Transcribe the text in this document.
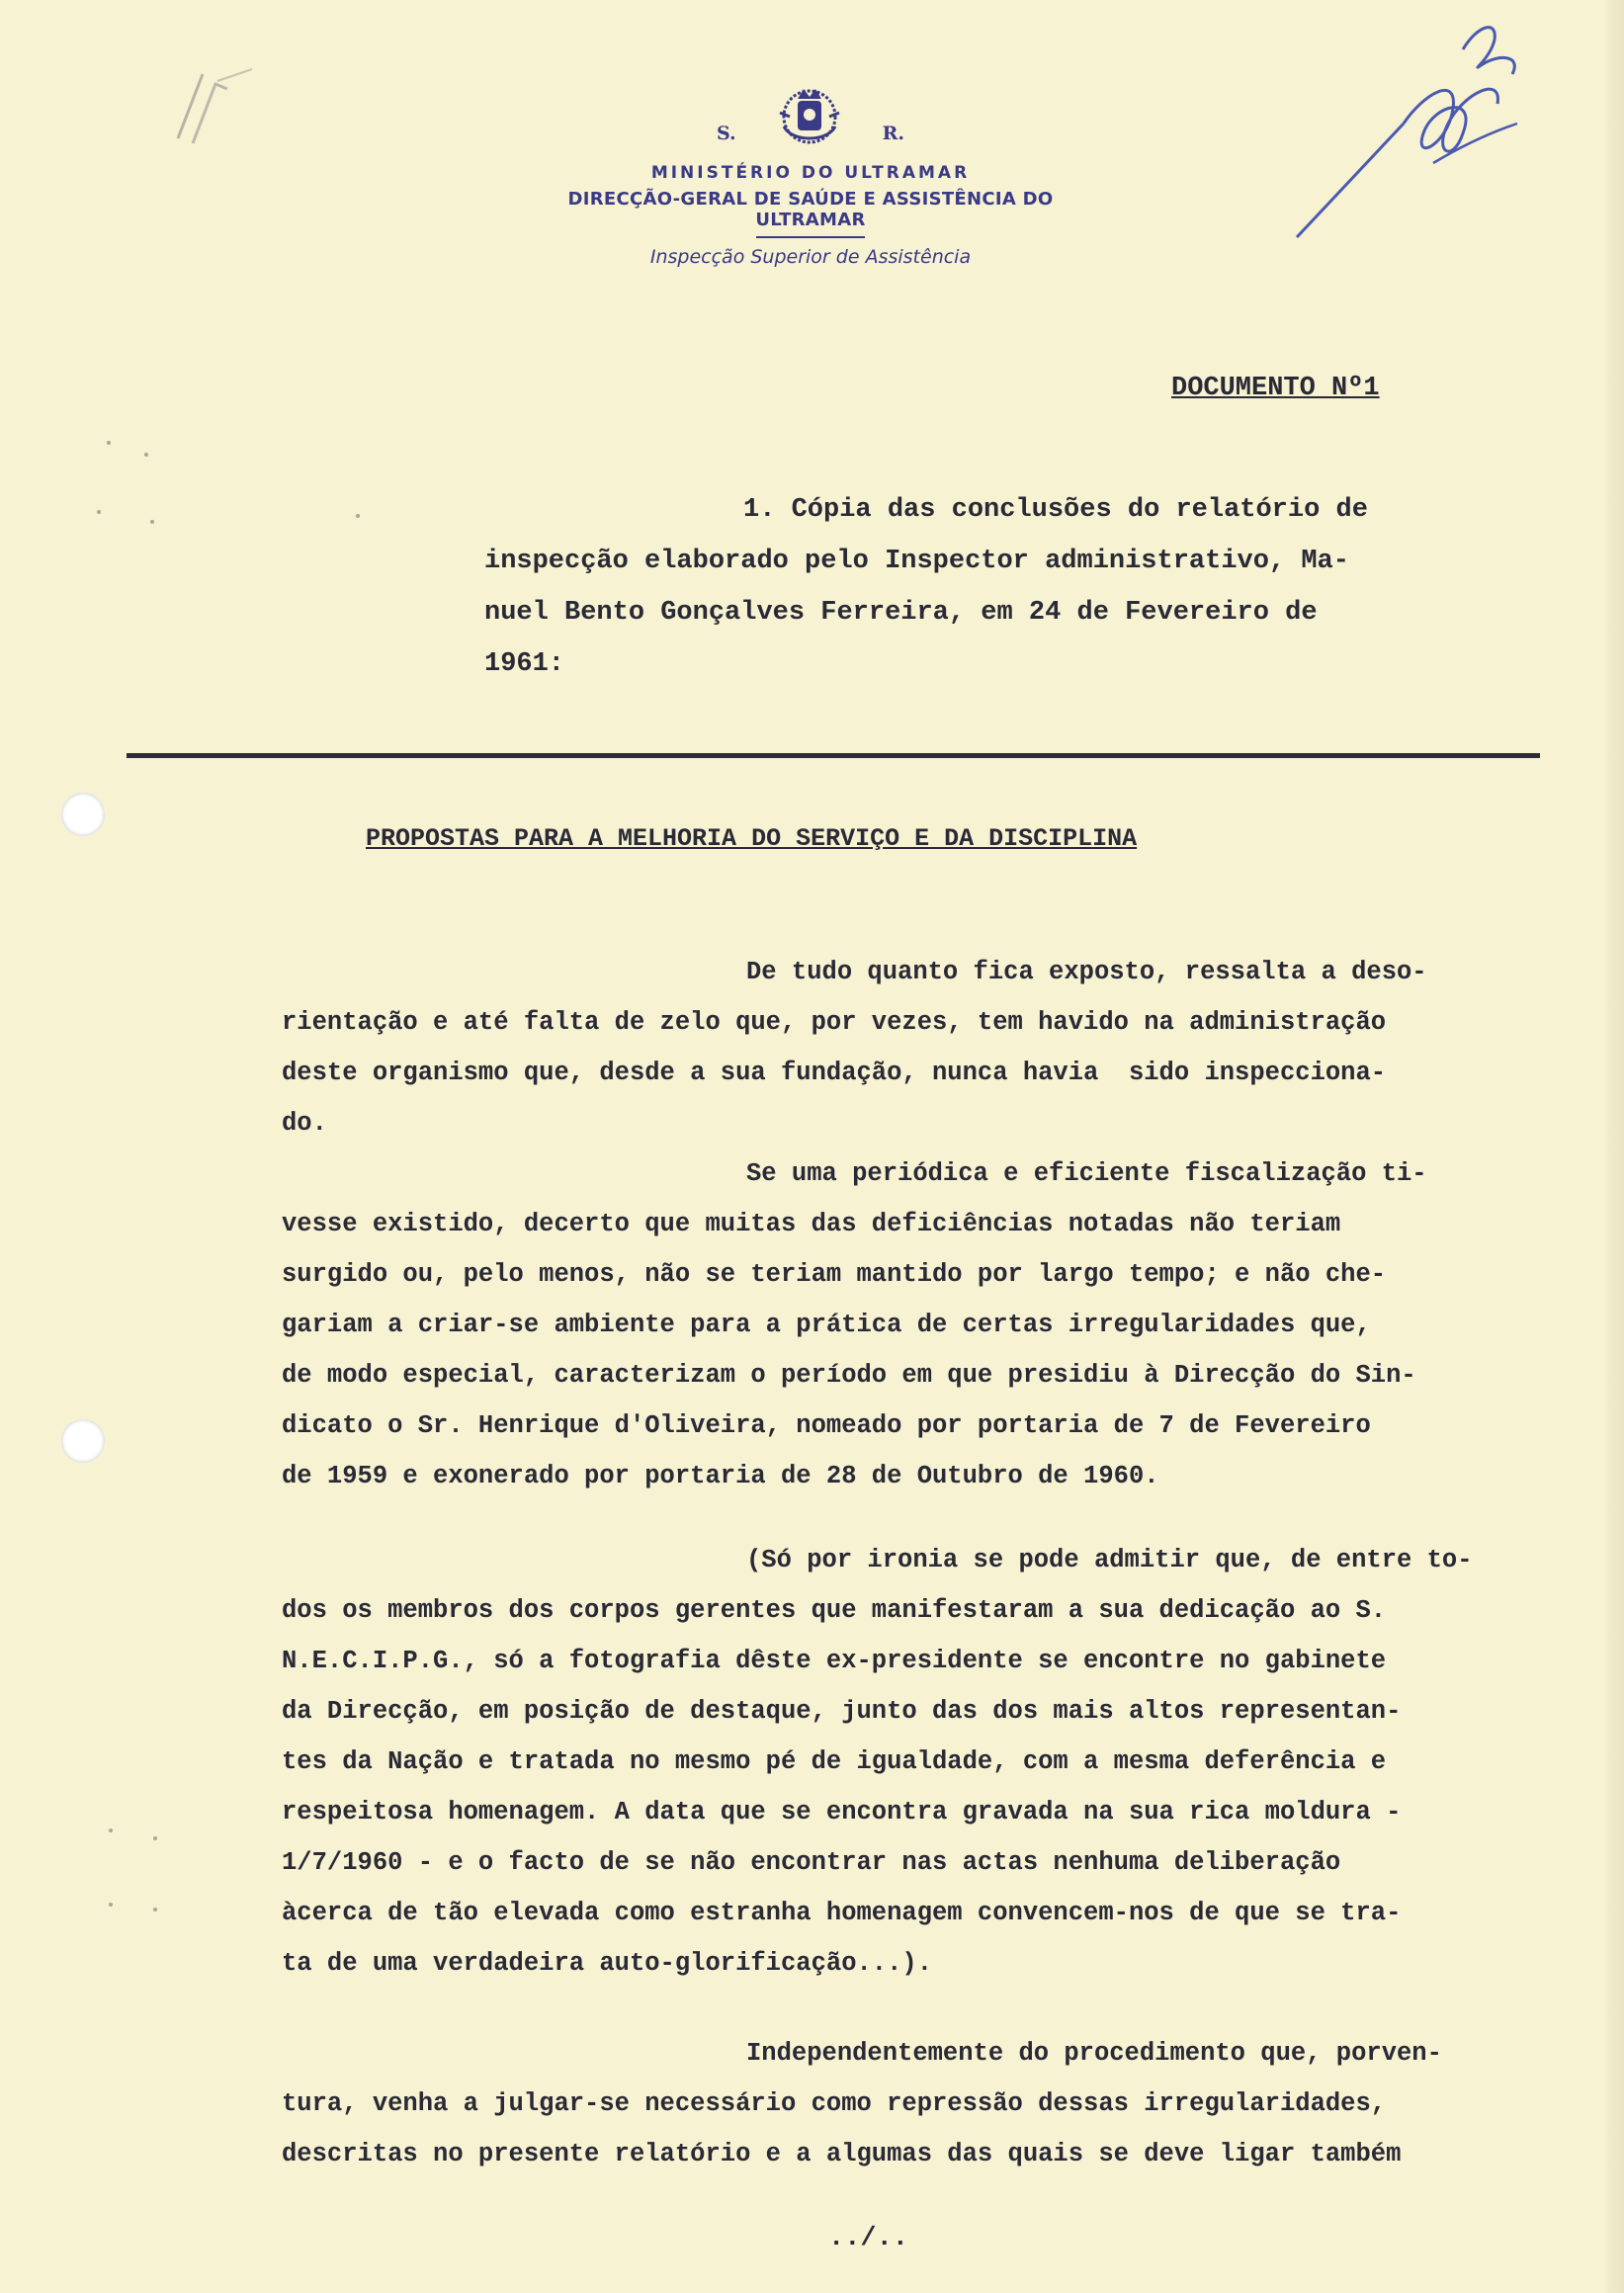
S.	R.
MINISTÉRIO DO ULTRAMAR
DIRECÇÃO-GERAL DE SAÚDE E ASSISTÊNCIA DO ULTRAMAR
Inspecção Superior de Assistência
DOCUMENTO Nº1
1. Cópia das conclusões do relatório de
inspecção elaborado pelo Inspector administrativo, Ma-
nuel Bento Gonçalves Ferreira, em 24 de Fevereiro de
1961:
PROPOSTAS PARA A MELHORIA DO SERVIÇO E DA DISCIPLINA
De tudo quanto fica exposto, ressalta a deso-
rientação e até falta de zelo que, por vezes, tem havido na administração
deste organismo que, desde a sua fundação, nunca havia  sido inspecciona-
do.
Se uma periódica e eficiente fiscalização ti-
vesse existido, decerto que muitas das deficiências notadas não teriam
surgido ou, pelo menos, não se teriam mantido por largo tempo; e não che-
gariam a criar-se ambiente para a prática de certas irregularidades que,
de modo especial, caracterizam o período em que presidiu à Direcção do Sin-
dicato o Sr. Henrique d'Oliveira, nomeado por portaria de 7 de Fevereiro
de 1959 e exonerado por portaria de 28 de Outubro de 1960.
(Só por ironia se pode admitir que, de entre to-
dos os membros dos corpos gerentes que manifestaram a sua dedicação ao S.
N.E.C.I.P.G., só a fotografia dêste ex-presidente se encontre no gabinete
da Direcção, em posição de destaque, junto das dos mais altos representan-
tes da Nação e tratada no mesmo pé de igualdade, com a mesma deferência e
respeitosa homenagem. A data que se encontra gravada na sua rica moldura -
1/7/1960 - e o facto de se não encontrar nas actas nenhuma deliberação
àcerca de tão elevada como estranha homenagem convencem-nos de que se tra-
ta de uma verdadeira auto-glorificação...).
Independentemente do procedimento que, porven-
tura, venha a julgar-se necessário como repressão dessas irregularidades,
descritas no presente relatório e a algumas das quais se deve ligar também
../..
